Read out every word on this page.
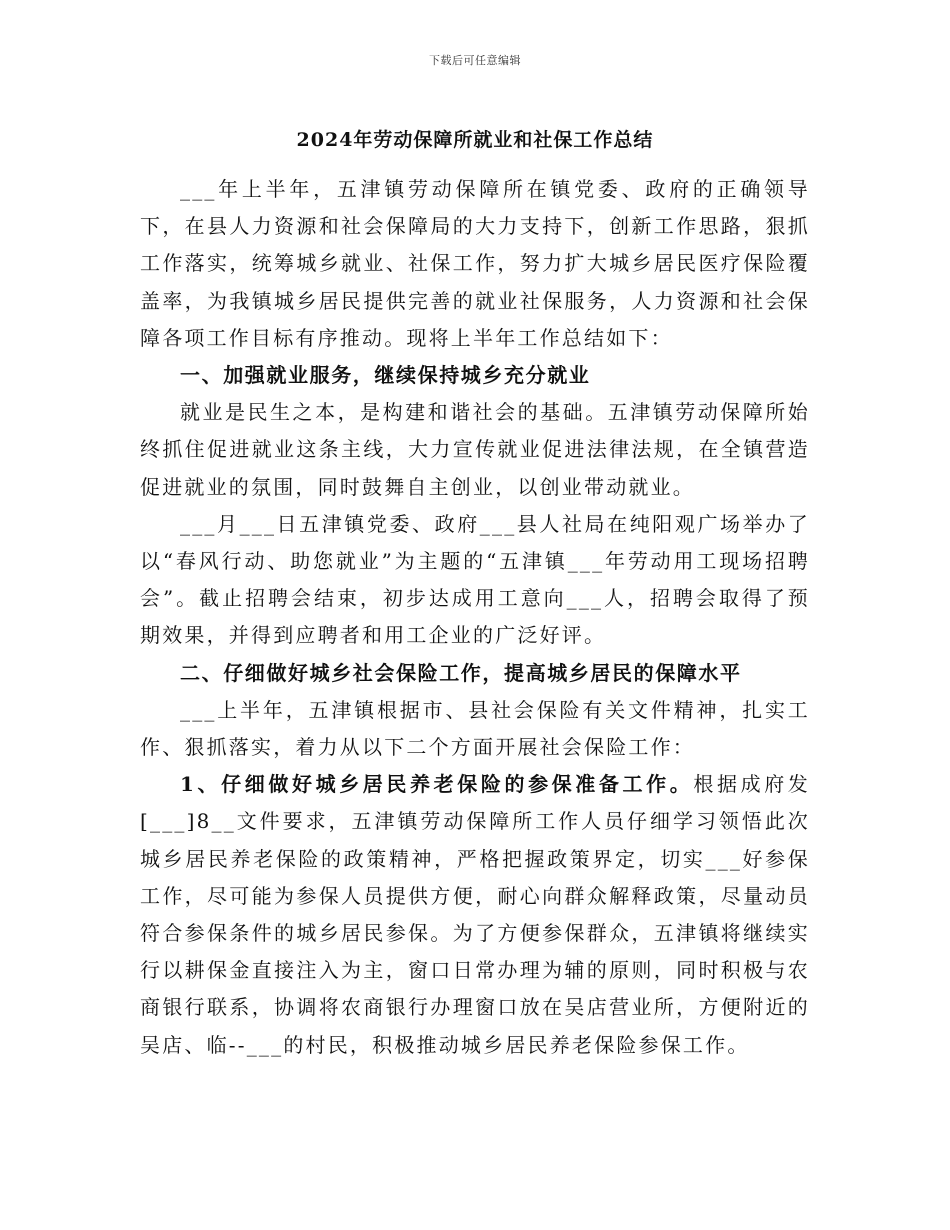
下载后可任意编辑
2024年劳动保障所就业和社保工作总结

___年上半年，五津镇劳动保障所在镇党委、政府的正确领导下，在县人力资源和社会保障局的大力支持下，创新工作思路，狠抓工作落实，统筹城乡就业、社保工作，努力扩大城乡居民医疗保险覆盖率，为我镇城乡居民提供完善的就业社保服务，人力资源和社会保障各项工作目标有序推动。现将上半年工作总结如下：

一、加强就业服务，继续保持城乡充分就业

就业是民生之本，是构建和谐社会的基础。五津镇劳动保障所始终抓住促进就业这条主线，大力宣传就业促进法律法规，在全镇营造促进就业的氛围，同时鼓舞自主创业，以创业带动就业。

___月___日五津镇党委、政府___县人社局在纯阳观广场举办了以“春风行动、助您就业”为主题的“五津镇___年劳动用工现场招聘会”。截止招聘会结束，初步达成用工意向___人，招聘会取得了预期效果，并得到应聘者和用工企业的广泛好评。

二、仔细做好城乡社会保险工作，提高城乡居民的保障水平

___上半年，五津镇根据市、县社会保险有关文件精神，扎实工作、狠抓落实，着力从以下二个方面开展社会保险工作：

1、仔细做好城乡居民养老保险的参保准备工作。根据成府发[___]8__文件要求，五津镇劳动保障所工作人员仔细学习领悟此次城乡居民养老保险的政策精神，严格把握政策界定，切实___好参保工作，尽可能为参保人员提供方便，耐心向群众解释政策，尽量动员符合参保条件的城乡居民参保。为了方便参保群众，五津镇将继续实行以耕保金直接注入为主，窗口日常办理为辅的原则，同时积极与农商银行联系，协调将农商银行办理窗口放在吴店营业所，方便附近的吴店、临--___的村民，积极推动城乡居民养老保险参保工作。
